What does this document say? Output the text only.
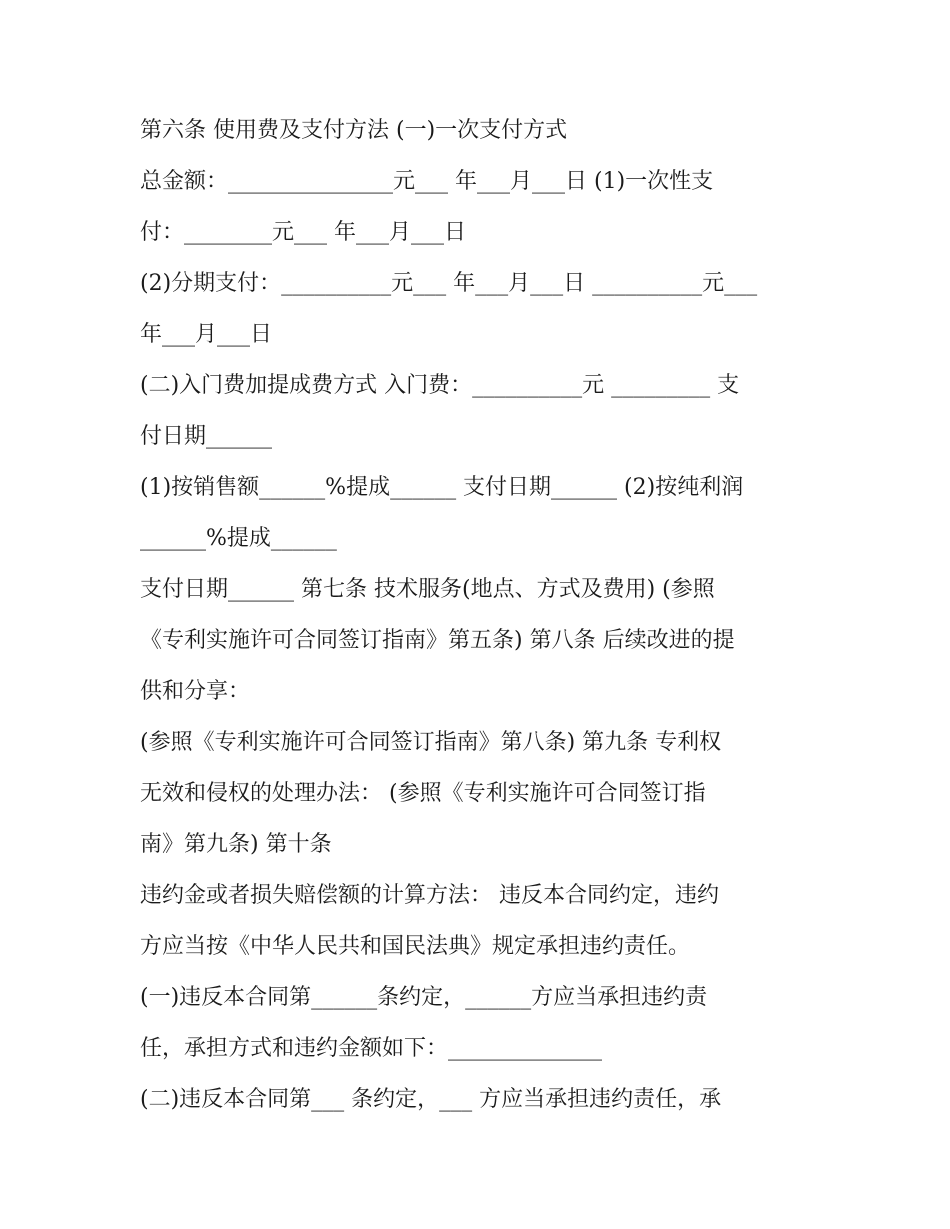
第六条 使用费及支付方法 (一)一次支付方式
总金额：_______________元___ 年___月___日 (1)一次性支
付：________元___ 年___月___日
(2)分期支付：__________元___ 年___月___日 __________元___
年___月___日
(二)入门费加提成费方式 入门费：__________元 _________ 支
付日期______
(1)按销售额______%提成______ 支付日期______ (2)按纯利润
______%提成______
支付日期______ 第七条 技术服务(地点、方式及费用) (参照
《专利实施许可合同签订指南》第五条) 第八条 后续改进的提
供和分享：
(参照《专利实施许可合同签订指南》第八条) 第九条 专利权
无效和侵权的处理办法： (参照《专利实施许可合同签订指
南》第九条) 第十条
违约金或者损失赔偿额的计算方法： 违反本合同约定，违约
方应当按《中华人民共和国民法典》规定承担违约责任。
(一)违反本合同第______条约定，______方应当承担违约责
任，承担方式和违约金额如下：______________
(二)违反本合同第___ 条约定，___ 方应当承担违约责任，承
